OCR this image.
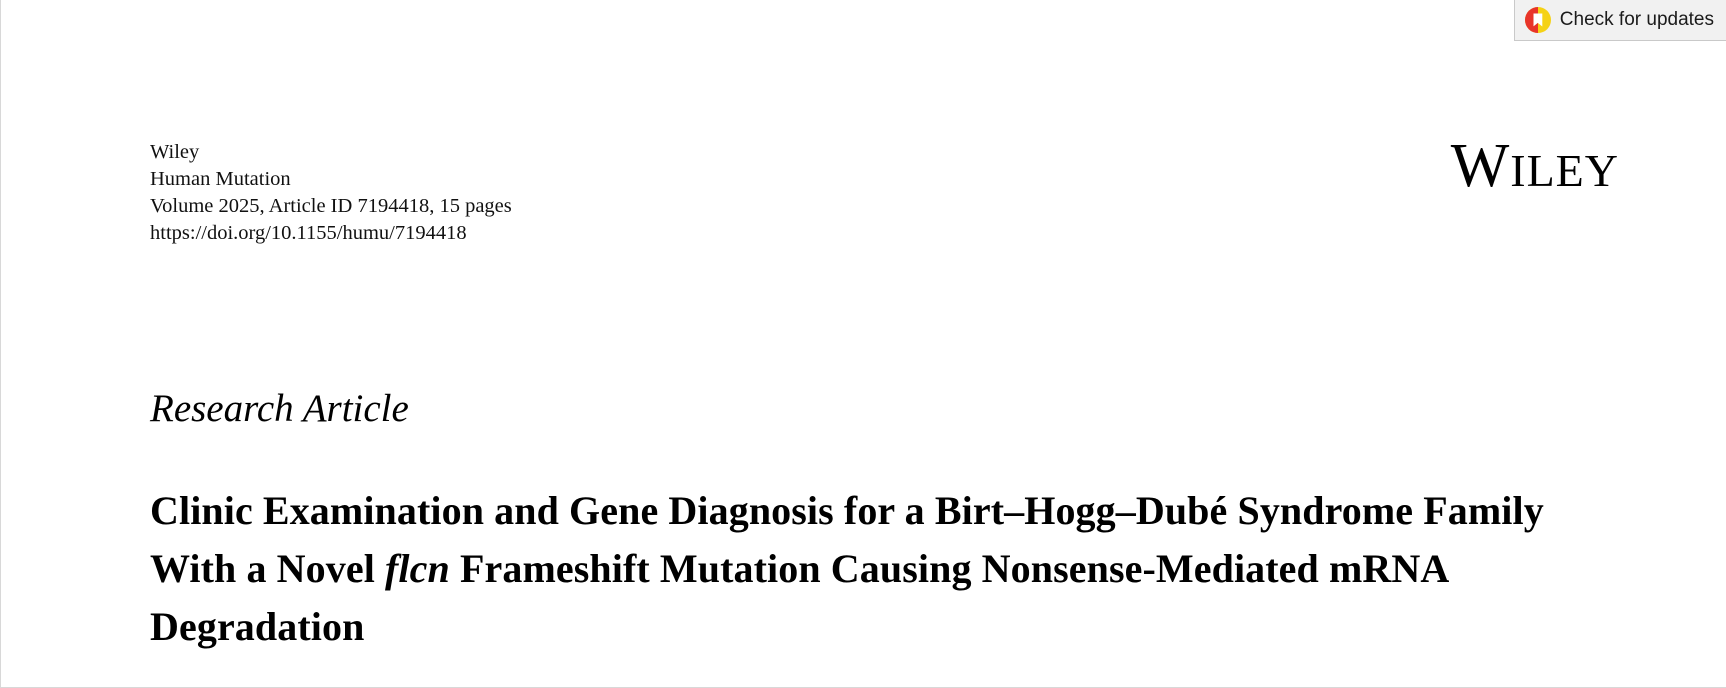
Check for updates
Wiley
Human Mutation
Volume 2025, Article ID 7194418, 15 pages
https://doi.org/10.1155/humu/7194418
WILEY
Research Article
Clinic Examination and Gene Diagnosis for a Birt–Hogg–Dubé Syndrome Family With a Novel flcn Frameshift Mutation Causing Nonsense-Mediated mRNA Degradation
